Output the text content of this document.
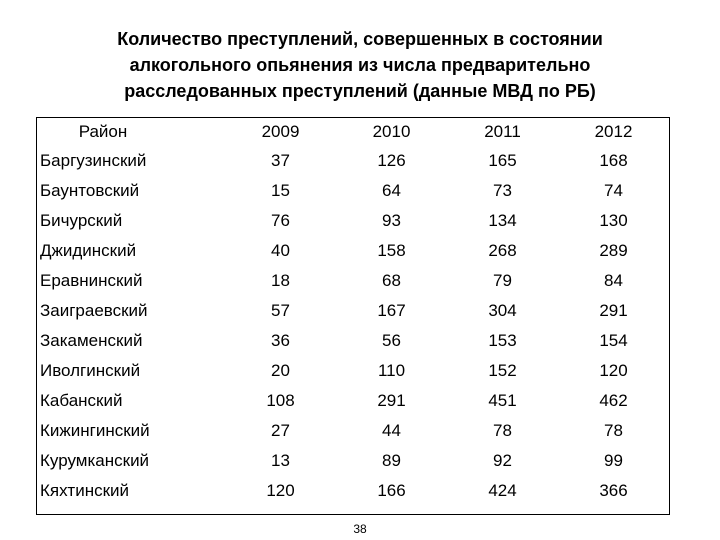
Количество преступлений, совершенных в состоянии
алкогольного опьянения из числа предварительно
расследованных преступлений (данные МВД по РБ)
Район	2009	2010	2011	2012
Баргузинский	37	126	165	168
Баунтовский	15	64	73	74
Бичурский	76	93	134	130
Джидинский	40	158	268	289
Еравнинский	18	68	79	84
Заиграевский	57	167	304	291
Закаменский	36	56	153	154
Иволгинский	20	110	152	120
Кабанский	108	291	451	462
Кижингинский	27	44	78	78
Курумканский	13	89	92	99
Кяхтинский	120	166	424	366
38
